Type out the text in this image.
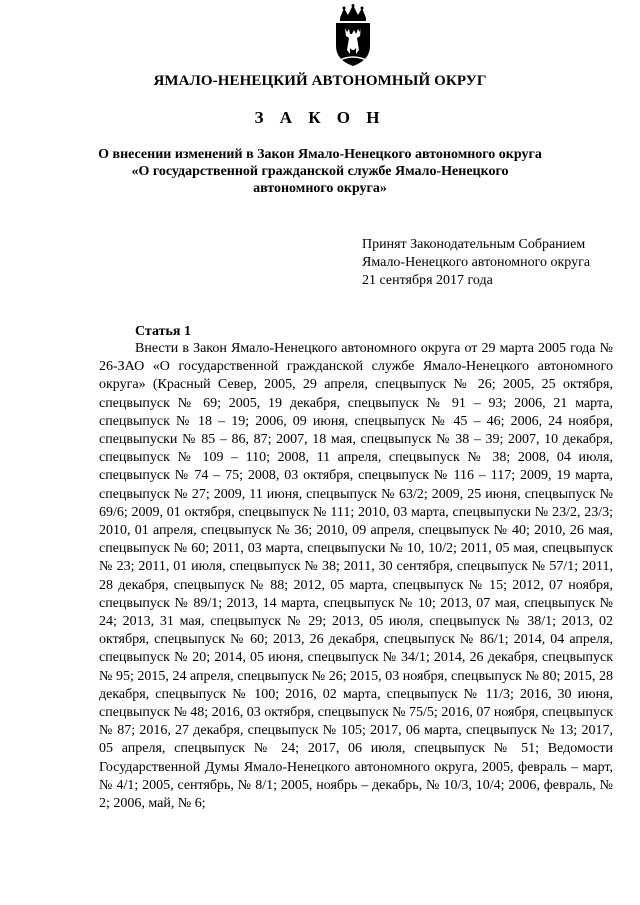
ЯМАЛО-НЕНЕЦКИЙ АВТОНОМНЫЙ ОКРУГ
З А К О Н
О внесении изменений в Закон Ямало-Ненецкого автономного округа
«О государственной гражданской службе Ямало-Ненецкого
автономного округа»
Принят Законодательным Собранием
Ямало-Ненецкого автономного округа
21 сентября 2017 года
Статья 1
Внести в Закон Ямало-Ненецкого автономного округа от 29 марта 2005 года № 26-ЗАО «О государственной гражданской службе Ямало-Ненецкого автономного округа» (Красный Север, 2005, 29 апреля, спецвыпуск № 26; 2005, 25 октября, спецвыпуск № 69; 2005, 19 декабря, спецвыпуск № 91 – 93; 2006, 21 марта, спецвыпуск № 18 – 19; 2006, 09 июня, спецвыпуск № 45 – 46; 2006, 24 ноября, спецвыпуски № 85 – 86, 87; 2007, 18 мая, спецвыпуск № 38 – 39; 2007, 10 декабря, спецвыпуск № 109 – 110; 2008, 11 апреля, спецвыпуск № 38; 2008, 04 июля, спецвыпуск № 74 – 75; 2008, 03 октября, спецвыпуск № 116 – 117; 2009, 19 марта, спецвыпуск № 27; 2009, 11 июня, спецвыпуск № 63/2; 2009, 25 июня, спецвыпуск № 69/6; 2009, 01 октября, спецвыпуск № 111; 2010, 03 марта, спецвыпуски № 23/2, 23/3; 2010, 01 апреля, спецвыпуск № 36; 2010, 09 апреля, спецвыпуск № 40; 2010, 26 мая, спецвыпуск № 60; 2011, 03 марта, спецвыпуски № 10, 10/2; 2011, 05 мая, спецвыпуск № 23; 2011, 01 июля, спецвыпуск № 38; 2011, 30 сентября, спецвыпуск № 57/1; 2011, 28 декабря, спецвыпуск № 88; 2012, 05 марта, спецвыпуск № 15; 2012, 07 ноября, спецвыпуск № 89/1; 2013, 14 марта, спецвыпуск № 10; 2013, 07 мая, спецвыпуск № 24; 2013, 31 мая, спецвыпуск № 29; 2013, 05 июля, спецвыпуск № 38/1; 2013, 02 октября, спецвыпуск № 60; 2013, 26 декабря, спецвыпуск № 86/1; 2014, 04 апреля, спецвыпуск № 20; 2014, 05 июня, спецвыпуск № 34/1; 2014, 26 декабря, спецвыпуск № 95; 2015, 24 апреля, спецвыпуск № 26; 2015, 03 ноября, спецвыпуск № 80; 2015, 28 декабря, спецвыпуск № 100; 2016, 02 марта, спецвыпуск № 11/3; 2016, 30 июня, спецвыпуск № 48; 2016, 03 октября, спецвыпуск № 75/5; 2016, 07 ноября, спецвыпуск № 87; 2016, 27 декабря, спецвыпуск № 105; 2017, 06 марта, спецвыпуск № 13; 2017, 05 апреля, спецвыпуск № 24; 2017, 06 июля, спецвыпуск № 51; Ведомости Государственной Думы Ямало-Ненецкого автономного округа, 2005, февраль – март, № 4/1; 2005, сентябрь, № 8/1; 2005, ноябрь – декабрь, № 10/3, 10/4; 2006, февраль, № 2; 2006, май, № 6;
